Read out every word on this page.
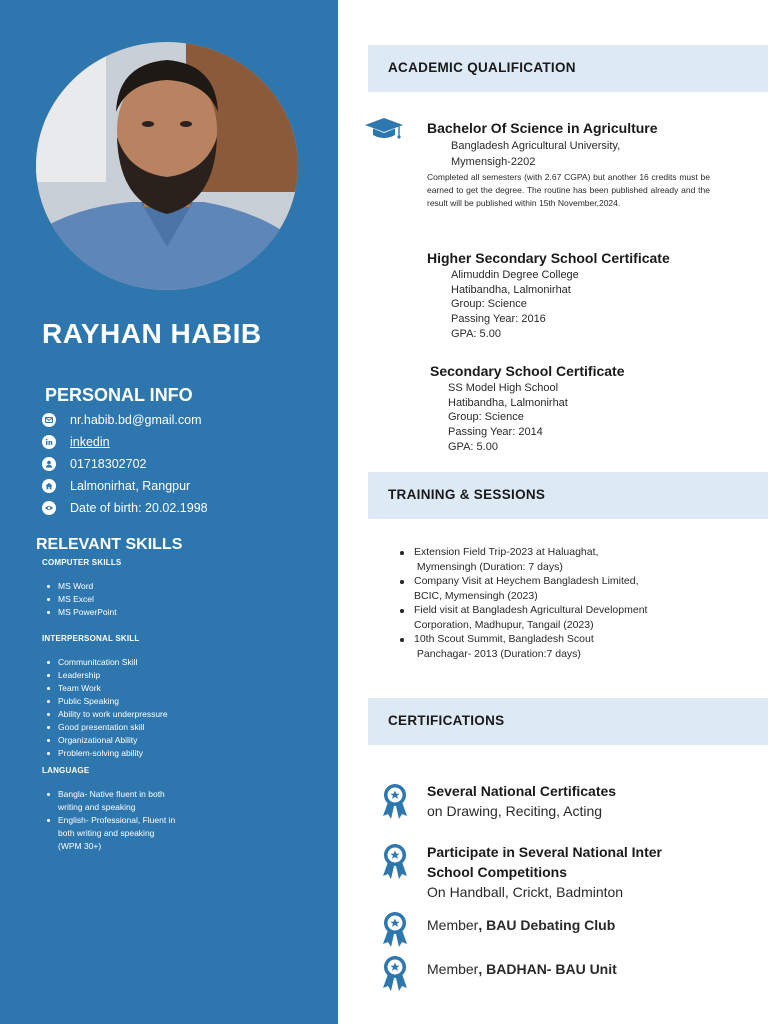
RAYHAN HABIB
PERSONAL INFO
nr.habib.bd@gmail.com
inkedin
01718302702
Lalmonirhat, Rangpur
Date of birth: 20.02.1998
RELEVANT SKILLS
COMPUTER SKILLS
MS Word
MS Excel
MS PowerPoint
INTERPERSONAL SKILL
Communitcation Skill
Leadership
Team Work
Public Speaking
Ability to work underpressure
Good presentation skill
Organizational Ability
Problem-solving ability
LANGUAGE
Bangla- Native fluent in both
writing and speaking
English- Professional, Fluent in
both writing and speaking
(WPM 30+)
ACADEMIC QUALIFICATION
Bachelor Of Science in Agriculture
Bangladesh Agricultural University,
Mymensigh-2202
Completed all semesters (with 2.67 CGPA) but another 16 credits must be earned to get the degree. The routine has been published already and the result will be published within 15th November,2024.
Higher Secondary School Certificate
Alimuddin Degree College
Hatibandha, Lalmonirhat
Group: Science
Passing Year: 2016
GPA: 5.00
Secondary School Certificate
SS Model High School
Hatibandha, Lalmonirhat
Group: Science
Passing Year: 2014
GPA: 5.00
TRAINING & SESSIONS
Extension Field Trip-2023 at Haluaghat,
Mymensingh (Duration: 7 days)
Company Visit at Heychem Bangladesh Limited,
BCIC, Mymensingh (2023)
Field visit at Bangladesh Agricultural Development
Corporation, Madhupur, Tangail (2023)
10th Scout Summit, Bangladesh Scout
Panchagar- 2013 (Duration:7 days)
CERTIFICATIONS
Several National Certificates
on Drawing, Reciting, Acting
Participate in Several National Inter
School Competitions
On Handball, Crickt, Badminton
Member, BAU Debating Club
Member, BADHAN- BAU Unit
